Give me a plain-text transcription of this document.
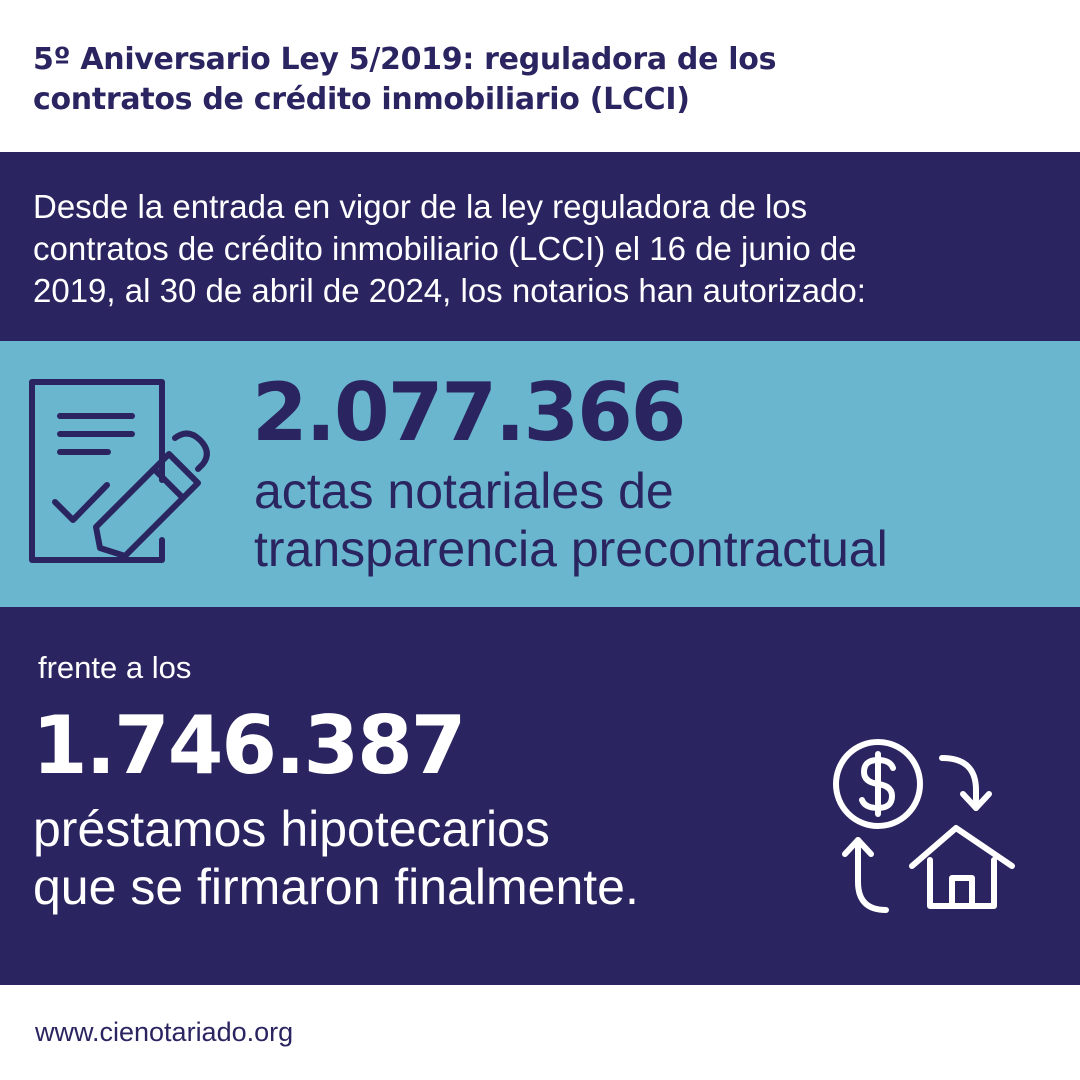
5º Aniversario Ley 5/2019: reguladora de los
contratos de crédito inmobiliario (LCCI)

Desde la entrada en vigor de la ley reguladora de los
contratos de crédito inmobiliario (LCCI) el 16 de junio de
2019, al 30 de abril de 2024, los notarios han autorizado:

2.077.366

actas notariales de
transparencia precontractual

frente a los

1.746.387

préstamos hipotecarios
que se firmaron finalmente.

www.cienotariado.org
